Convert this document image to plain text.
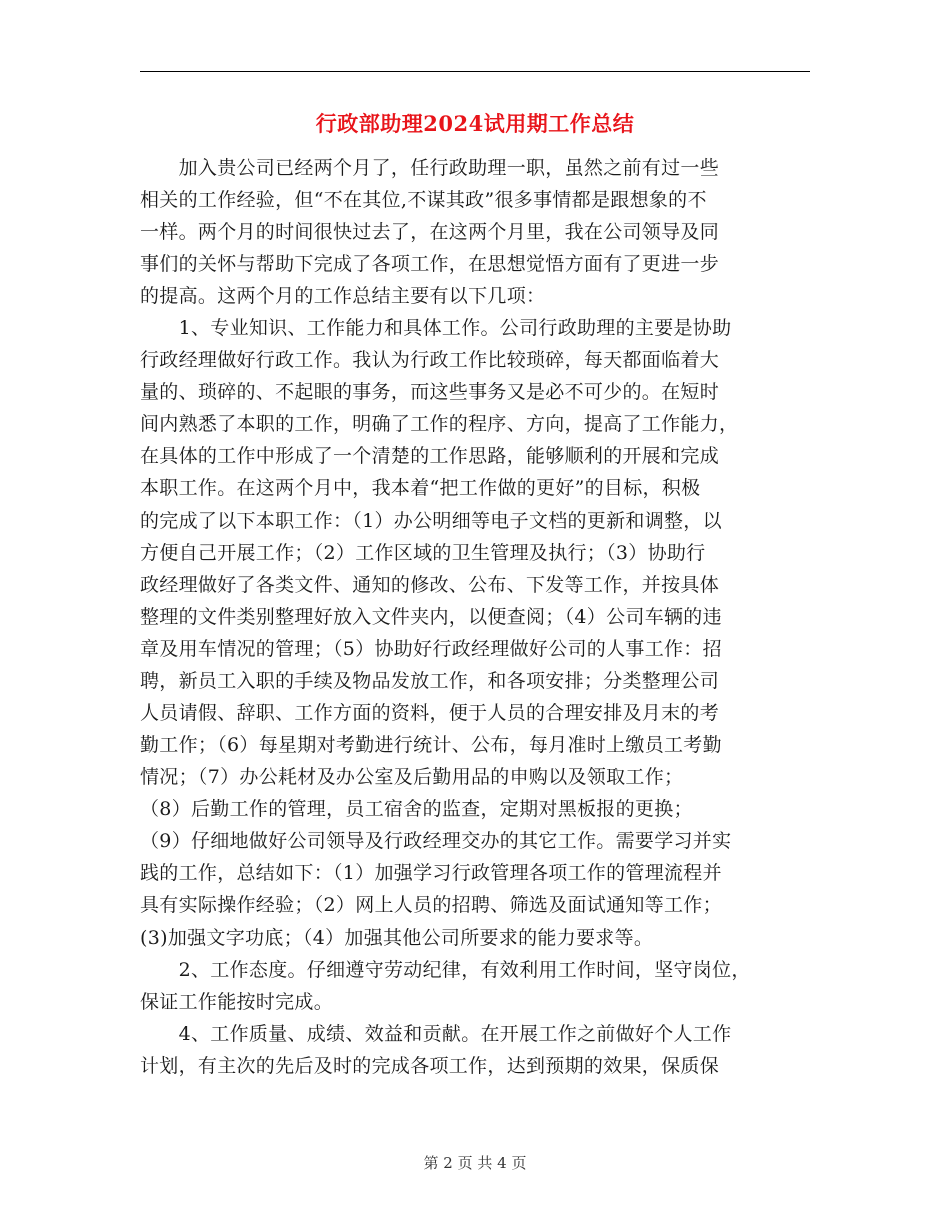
行政部助理2024试用期工作总结
　　加入贵公司已经两个月了，任行政助理一职，虽然之前有过一些
相关的工作经验，但“不在其位,不谋其政”很多事情都是跟想象的不
一样。两个月的时间很快过去了，在这两个月里，我在公司领导及同
事们的关怀与帮助下完成了各项工作，在思想觉悟方面有了更进一步
的提高。这两个月的工作总结主要有以下几项：
　　1、专业知识、工作能力和具体工作。公司行政助理的主要是协助
行政经理做好行政工作。我认为行政工作比较琐碎，每天都面临着大
量的、琐碎的、不起眼的事务，而这些事务又是必不可少的。在短时
间内熟悉了本职的工作，明确了工作的程序、方向，提高了工作能力，
在具体的工作中形成了一个清楚的工作思路，能够顺利的开展和完成
本职工作。在这两个月中，我本着“把工作做的更好”的目标，积极
的完成了以下本职工作：（1）办公明细等电子文档的更新和调整，以
方便自己开展工作；（2）工作区域的卫生管理及执行；（3）协助行
政经理做好了各类文件、通知的修改、公布、下发等工作，并按具体
整理的文件类别整理好放入文件夹内，以便查阅；（4）公司车辆的违
章及用车情况的管理；（5）协助好行政经理做好公司的人事工作：招
聘，新员工入职的手续及物品发放工作，和各项安排；分类整理公司
人员请假、辞职、工作方面的资料，便于人员的合理安排及月末的考
勤工作；（6）每星期对考勤进行统计、公布，每月准时上缴员工考勤
情况；（7）办公耗材及办公室及后勤用品的申购以及领取工作；
（8）后勤工作的管理，员工宿舍的监查，定期对黑板报的更换；
（9）仔细地做好公司领导及行政经理交办的其它工作。需要学习并实
践的工作，总结如下：（1）加强学习行政管理各项工作的管理流程并
具有实际操作经验；（2）网上人员的招聘、筛选及面试通知等工作；
(3)加强文字功底；（4）加强其他公司所要求的能力要求等。
　　2、工作态度。仔细遵守劳动纪律，有效利用工作时间，坚守岗位，
保证工作能按时完成。
　　4、工作质量、成绩、效益和贡献。在开展工作之前做好个人工作
计划，有主次的先后及时的完成各项工作，达到预期的效果，保质保
第 2 页 共 4 页
